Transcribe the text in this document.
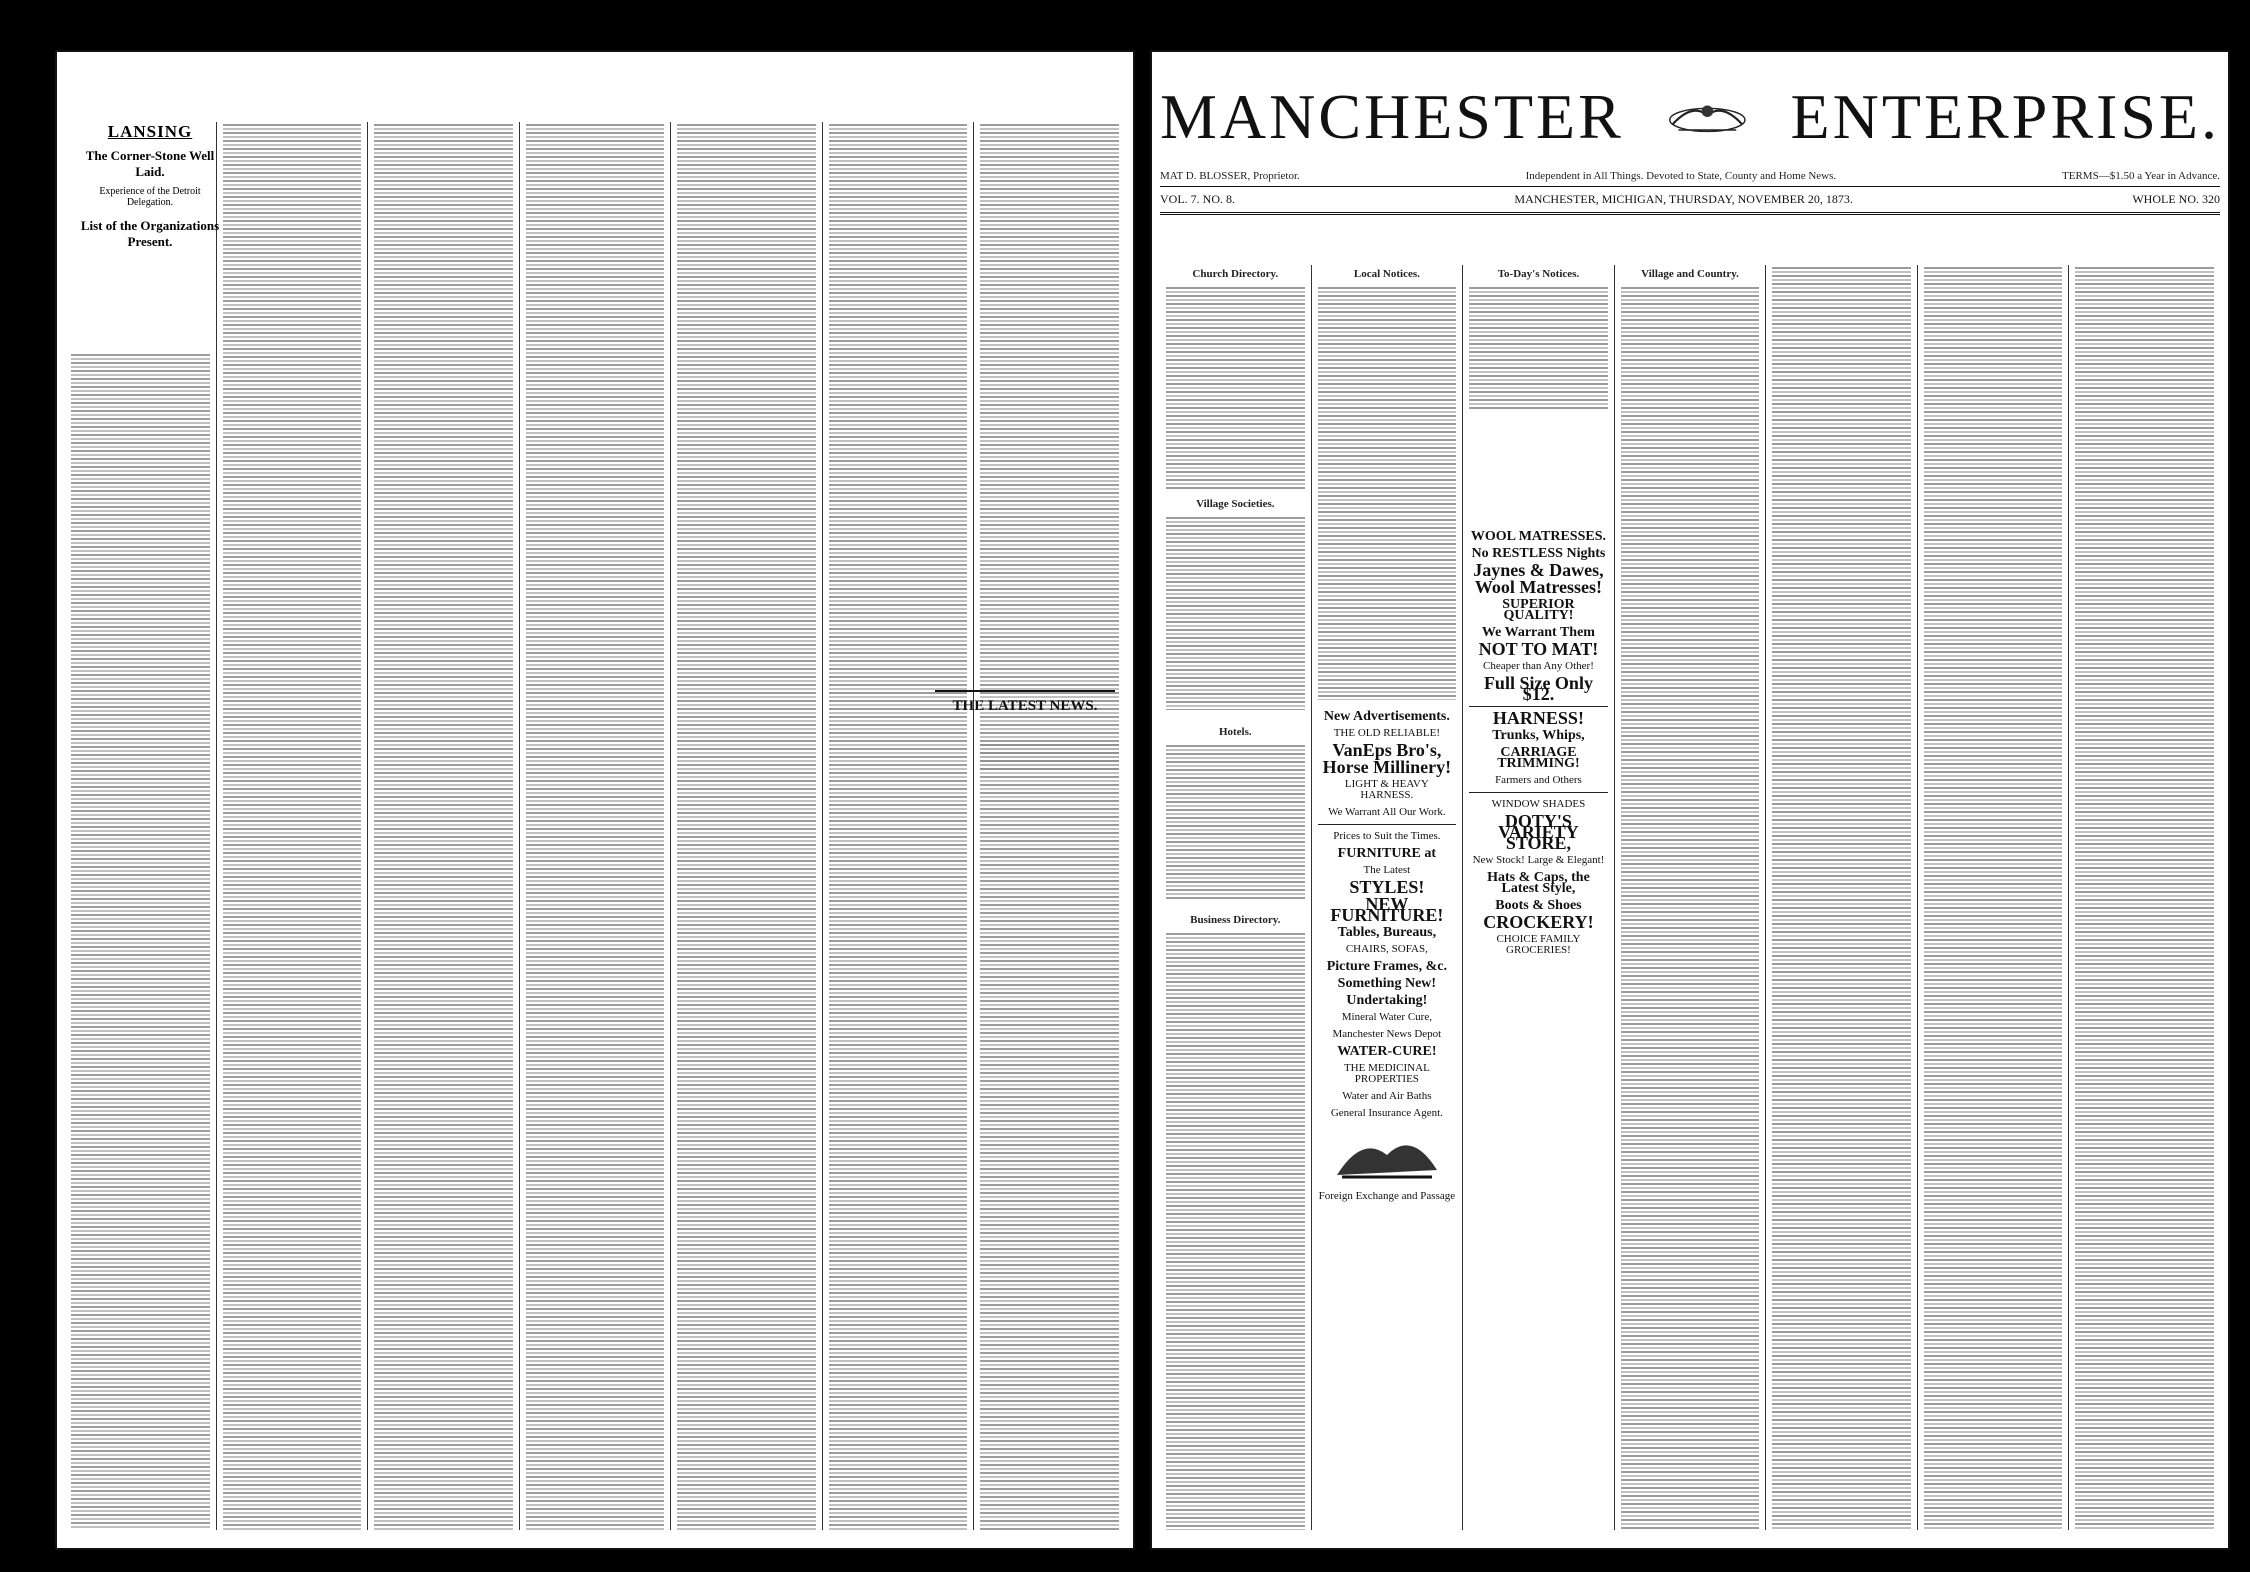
LANSING
The Corner-Stone Well Laid.
Experience of the Detroit Delegation.
List of the Organizations Present.
THE LATEST NEWS.
MANCHESTER	ENTERPRISE.
MAT D. BLOSSER, Proprietor.	Independent in All Things. Devoted to State, County and Home News.	TERMS—$1.50 a Year in Advance.
VOL. 7. NO. 8.	MANCHESTER, MICHIGAN, THURSDAY, NOVEMBER 20, 1873.	WHOLE NO. 320
Church Directory.
Village Societies.
Hotels.
Business Directory.
Local Notices.
New Advertisements.
THE OLD RELIABLE!
VanEps Bro's,
Horse Millinery!
LIGHT & HEAVY HARNESS.
We Warrant All Our Work.
Prices to Suit the Times.
FURNITURE at
The Latest
STYLES!
NEW FURNITURE!
Tables, Bureaus,
CHAIRS, SOFAS,
Picture Frames, &c.
Something New!
Undertaking!
Mineral Water Cure,
Manchester News Depot
WATER-CURE!
THE MEDICINAL PROPERTIES
Water and Air Baths
General Insurance Agent.
Foreign Exchange and Passage
To-Day's Notices.
WOOL MATRESSES.
No RESTLESS Nights
Jaynes & Dawes,
Wool Matresses!
SUPERIOR QUALITY!
We Warrant Them
NOT TO MAT!
Cheaper than Any Other!
Full Size Only $12.
HARNESS!
Trunks, Whips,
CARRIAGE TRIMMING!
Farmers and Others
WINDOW SHADES
DOTY'S VARIETY STORE,
New Stock! Large & Elegant!
Hats & Caps, the Latest Style,
Boots & Shoes
CROCKERY!
CHOICE FAMILY GROCERIES!
Village and Country.
